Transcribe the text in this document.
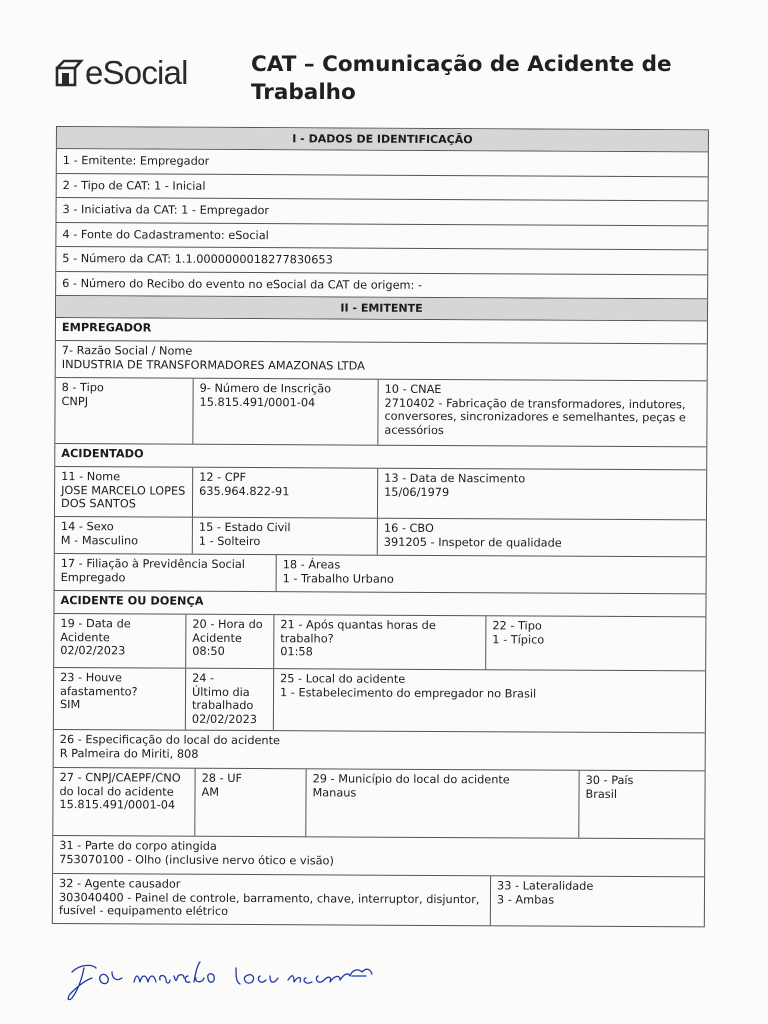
eSocial	CAT – Comunicação de Acidente de Trabalho
I - DADOS DE IDENTIFICAÇÃO
1 - Emitente: Empregador
2 - Tipo de CAT: 1 - Inicial
3 - Iniciativa da CAT: 1 - Empregador
4 - Fonte do Cadastramento: eSocial
5 - Número da CAT: 1.1.0000000018277830653
6 - Número do Recibo do evento no eSocial da CAT de origem: -
II - EMITENTE
EMPREGADOR
7- Razão Social / Nome
INDUSTRIA DE TRANSFORMADORES AMAZONAS LTDA
8 - Tipo
CNPJ
9- Número de Inscrição
15.815.491/0001-04
10 - CNAE
2710402 - Fabricação de transformadores, indutores, conversores, sincronizadores e semelhantes, peças e acessórios
ACIDENTADO
11 - Nome
JOSE MARCELO LOPES DOS SANTOS
12 - CPF
635.964.822-91
13 - Data de Nascimento
15/06/1979
14 - Sexo
M - Masculino
15 - Estado Civil
1 - Solteiro
16 - CBO
391205 - Inspetor de qualidade
17 - Filiação à Previdência Social
Empregado
18 - Áreas
1 - Trabalho Urbano
ACIDENTE OU DOENÇA
19 - Data de Acidente
02/02/2023
20 - Hora do Acidente
08:50
21 - Após quantas horas de trabalho?
01:58
22 - Tipo
1 - Típico
23 - Houve afastamento?
SIM
24 - Último dia trabalhado
02/02/2023
25 - Local do acidente
1 - Estabelecimento do empregador no Brasil
26 - Especificação do local do acidente
R Palmeira do Miriti, 808
27 - CNPJ/CAEPF/CNO do local do acidente
15.815.491/0001-04
28 - UF
AM
29 - Município do local do acidente
Manaus
30 - País
Brasil
31 - Parte do corpo atingida
753070100 - Olho (inclusive nervo ótico e visão)
32 - Agente causador
303040400 - Painel de controle, barramento, chave, interruptor, disjuntor, fusível - equipamento elétrico
33 - Lateralidade
3 - Ambas
